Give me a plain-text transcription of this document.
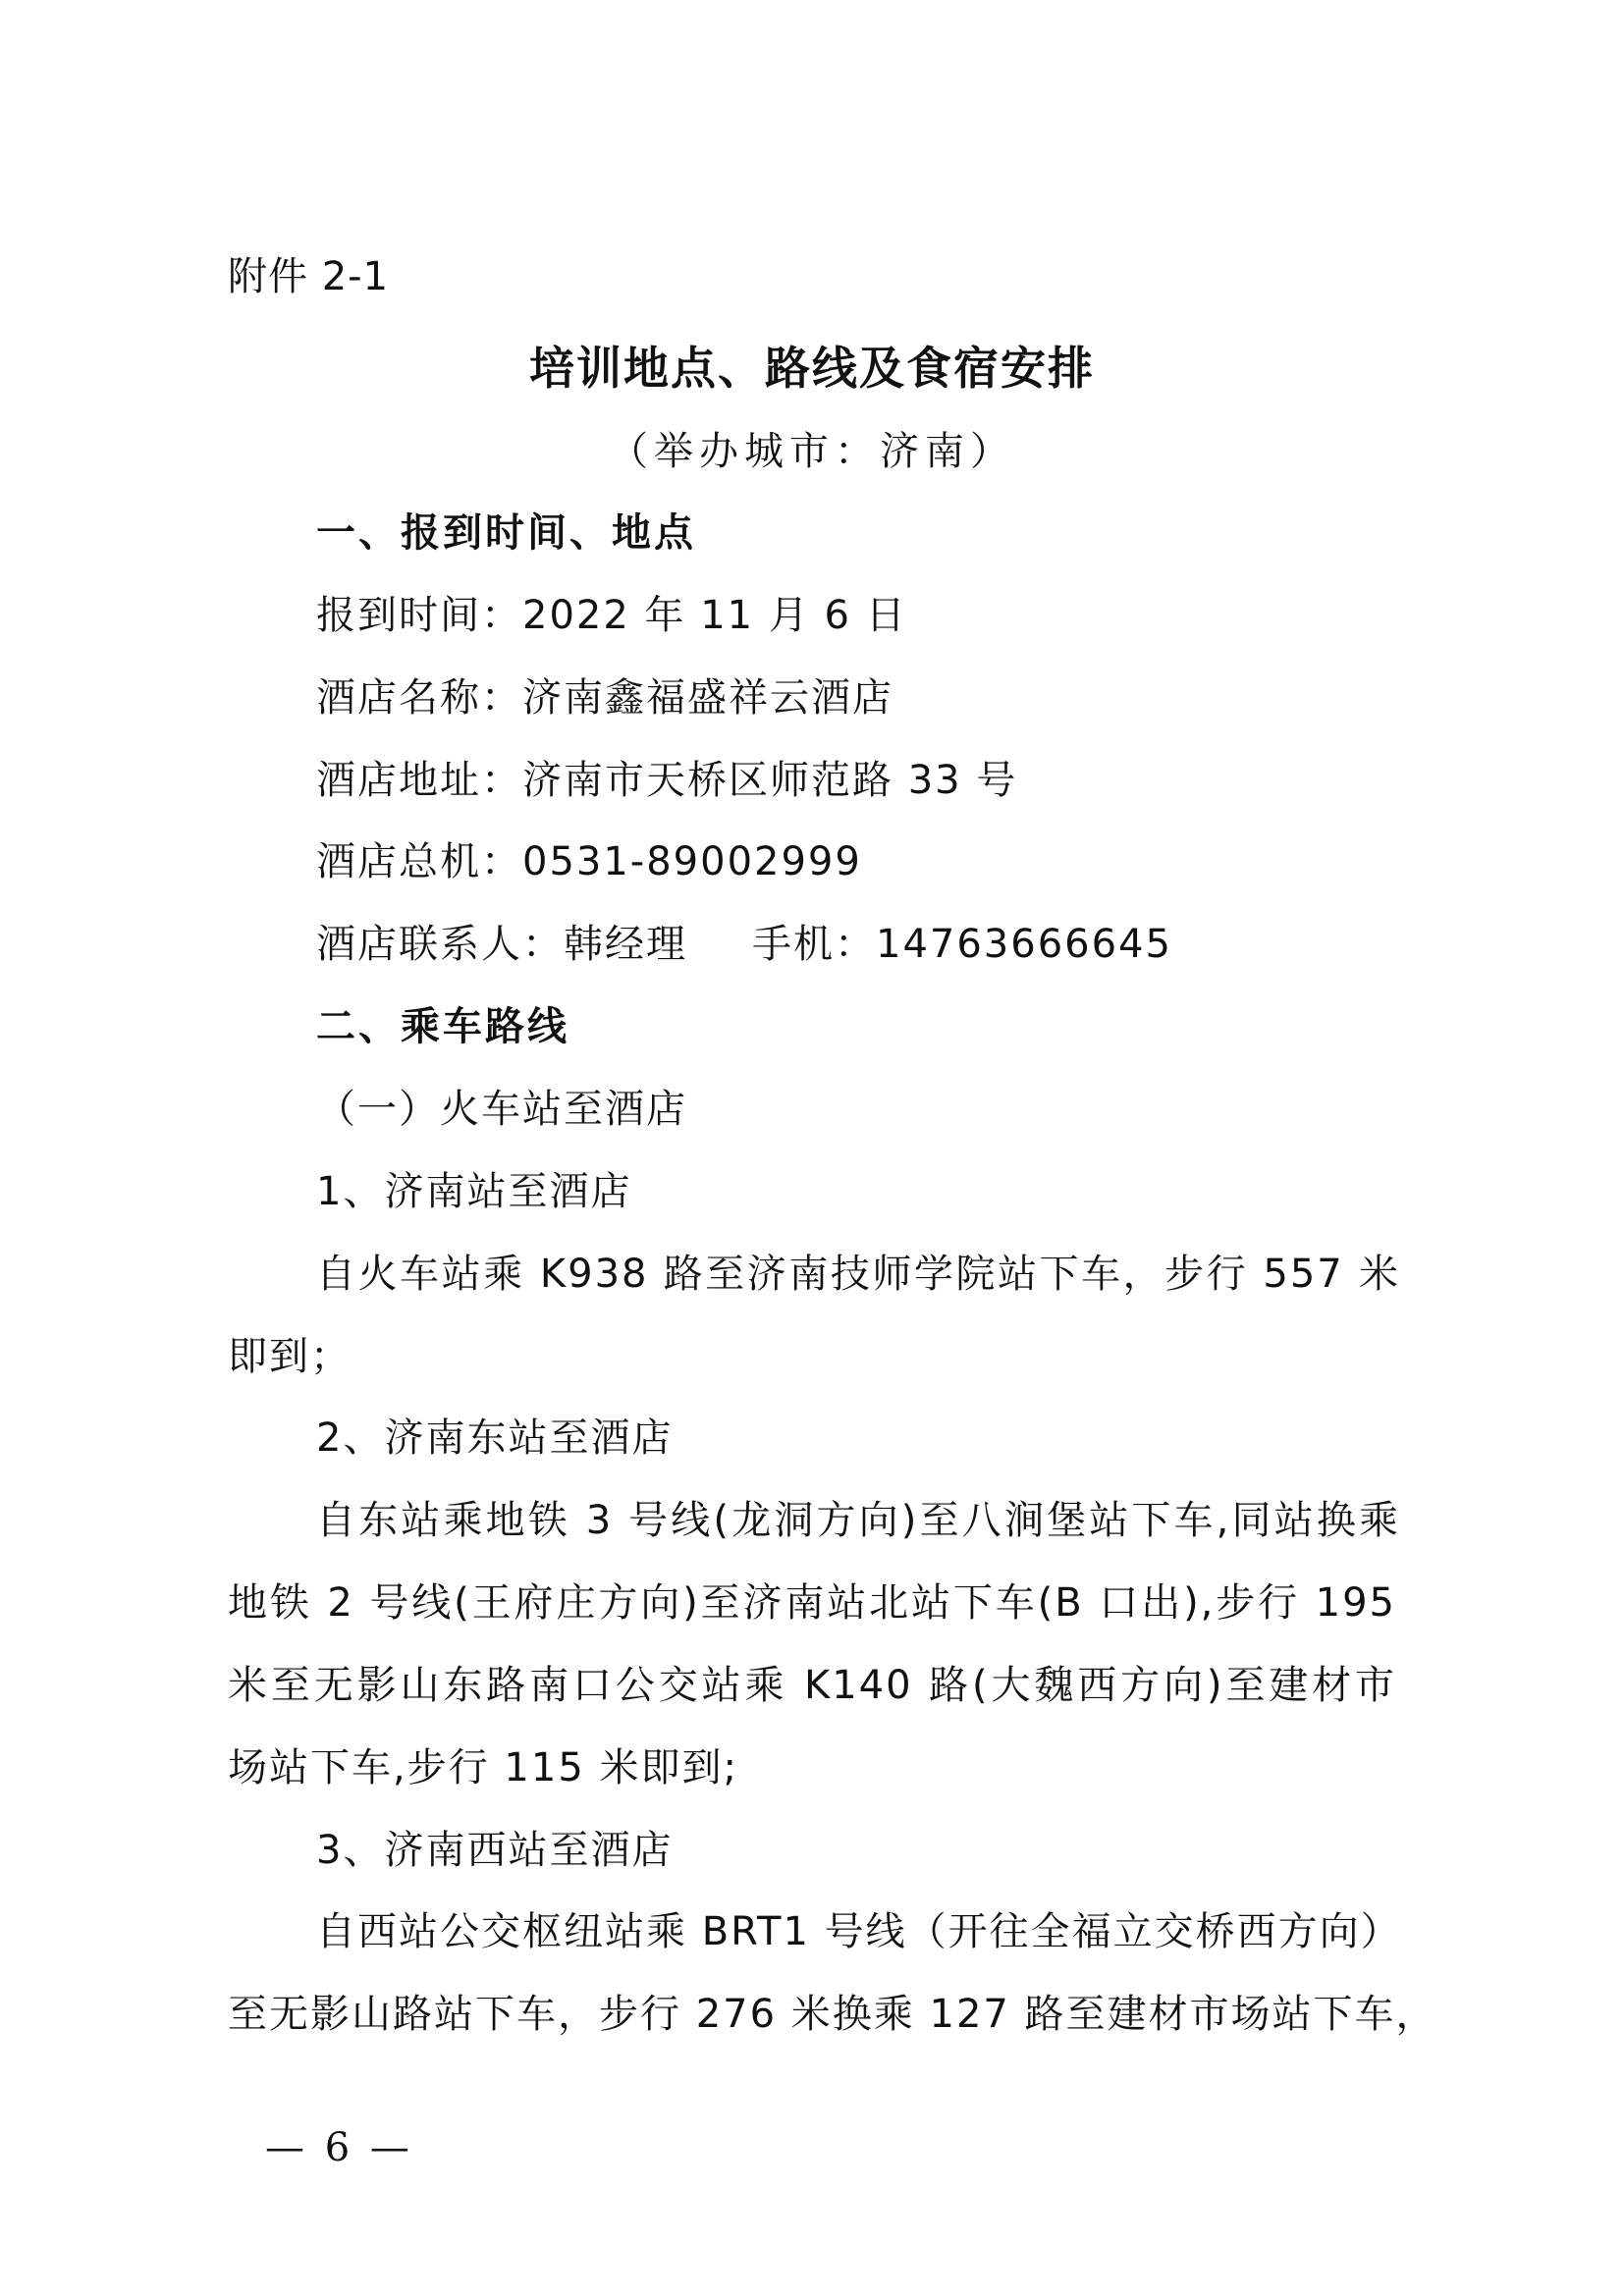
附件 2-1
培训地点、路线及食宿安排
（举办城市：济南）
一、报到时间、地点
报到时间：2022 年 11 月 6 日
酒店名称：济南鑫福盛祥云酒店
酒店地址：济南市天桥区师范路 33 号
酒店总机：0531-89002999
酒店联系人：韩经理 手机：14763666645
二、乘车路线
（一）火车站至酒店
1、济南站至酒店
自火车站乘 K938 路至济南技师学院站下车，步行 557 米
即到；
2、济南东站至酒店
自东站乘地铁 3 号线(龙洞方向)至八涧堡站下车,同站换乘
地铁 2 号线(王府庄方向)至济南站北站下车(B 口出),步行 195
米至无影山东路南口公交站乘 K140 路(大魏西方向)至建材市
场站下车,步行 115 米即到;
3、济南西站至酒店
自西站公交枢纽站乘 BRT1 号线（开往全福立交桥西方向）
至无影山路站下车，步行 276 米换乘 127 路至建材市场站下车，
— 6 —
